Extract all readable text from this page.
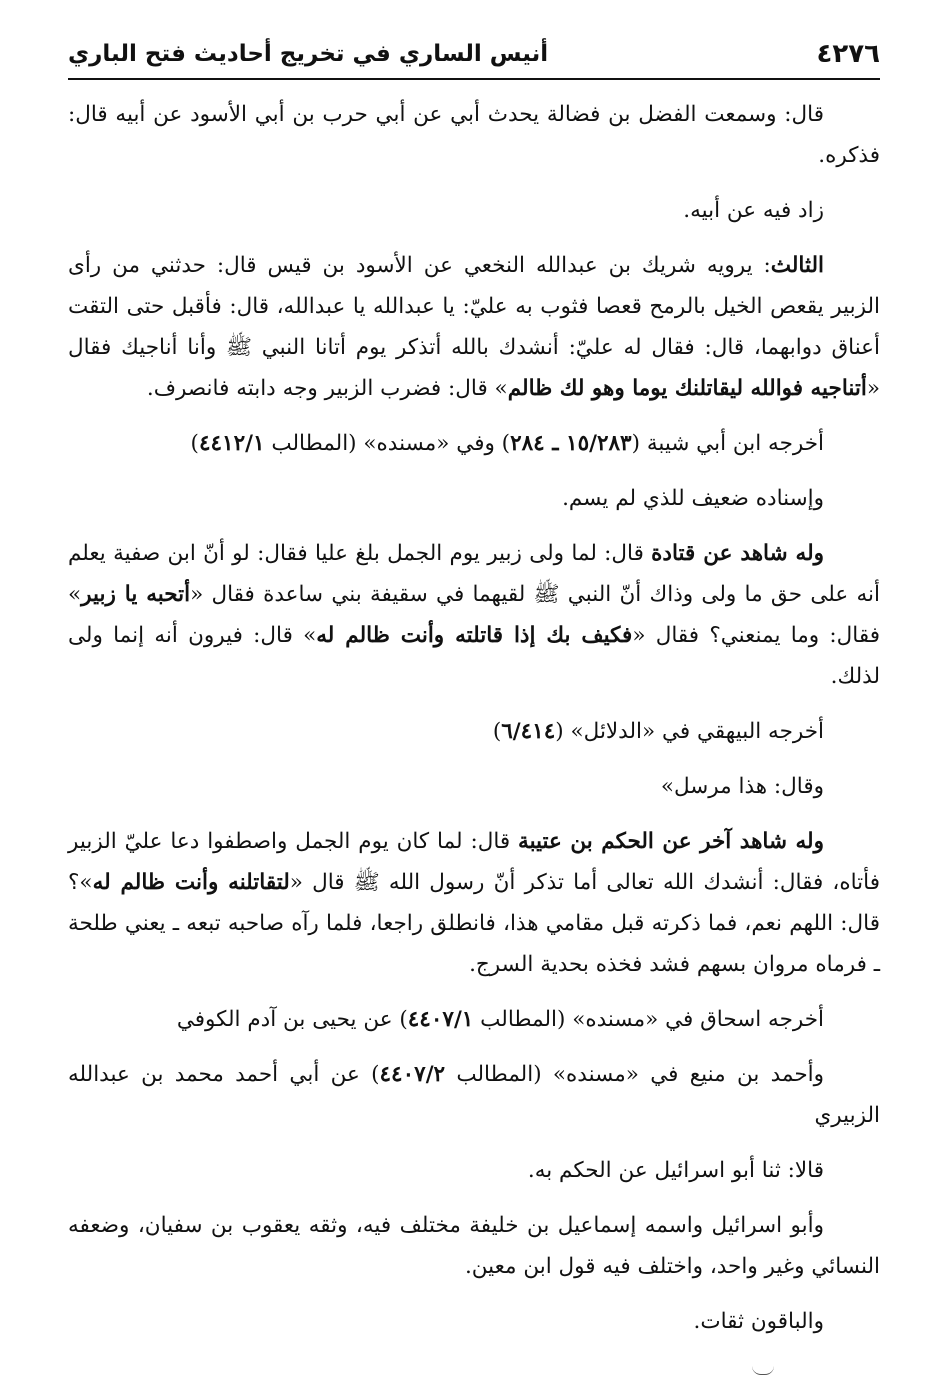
٤٢٧٦
أنيس الساري في تخريج أحاديث فتح الباري

قال: وسمعت الفضل بن فضالة يحدث أبي عن أبي حرب بن أبي الأسود عن أبيه قال: فذكره.

زاد فيه عن أبيه.

الثالث: يرويه شريك بن عبدالله النخعي عن الأسود بن قيس قال: حدثني من رأى الزبير يقعص الخيل بالرمح قعصا فثوب به عليّ: يا عبدالله يا عبدالله، قال: فأقبل حتى التقت أعناق دوابهما، قال: فقال له عليّ: أنشدك بالله أتذكر يوم أتانا النبي ﷺ وأنا أناجيك فقال «أتناجيه فوالله ليقاتلنك يوما وهو لك ظالم» قال: فضرب الزبير وجه دابته فانصرف.

أخرجه ابن أبي شيبة (١٥/٢٨٣ ـ ٢٨٤) وفي «مسنده» (المطالب ٤٤١٢/١)

وإسناده ضعيف للذي لم يسم.

وله شاهد عن قتادة قال: لما ولى زبير يوم الجمل بلغ عليا فقال: لو أنّ ابن صفية يعلم أنه على حق ما ولى وذاك أنّ النبي ﷺ لقيهما في سقيفة بني ساعدة فقال «أتحبه يا زبير» فقال: وما يمنعني؟ فقال «فكيف بك إذا قاتلته وأنت ظالم له» قال: فيرون أنه إنما ولى لذلك.

أخرجه البيهقي في «الدلائل» (٦/٤١٤)

وقال: هذا مرسل»

وله شاهد آخر عن الحكم بن عتيبة قال: لما كان يوم الجمل واصطفوا دعا عليّ الزبير فأتاه، فقال: أنشدك الله تعالى أما تذكر أنّ رسول الله ﷺ قال «لتقاتلنه وأنت ظالم له»؟ قال: اللهم نعم، فما ذكرته قبل مقامي هذا، فانطلق راجعا، فلما رآه صاحبه تبعه ـ يعني طلحة ـ فرماه مروان بسهم فشد فخذه بحدية السرج.

أخرجه اسحاق في «مسنده» (المطالب ٤٤٠٧/١) عن يحيى بن آدم الكوفي

وأحمد بن منيع في «مسنده» (المطالب ٤٤٠٧/٢) عن أبي أحمد محمد بن عبدالله الزبيري

قالا: ثنا أبو اسرائيل عن الحكم به.

وأبو اسرائيل واسمه إسماعيل بن خليفة مختلف فيه، وثقه يعقوب بن سفيان، وضعفه النسائي وغير واحد، واختلف فيه قول ابن معين.

والباقون ثقات.
